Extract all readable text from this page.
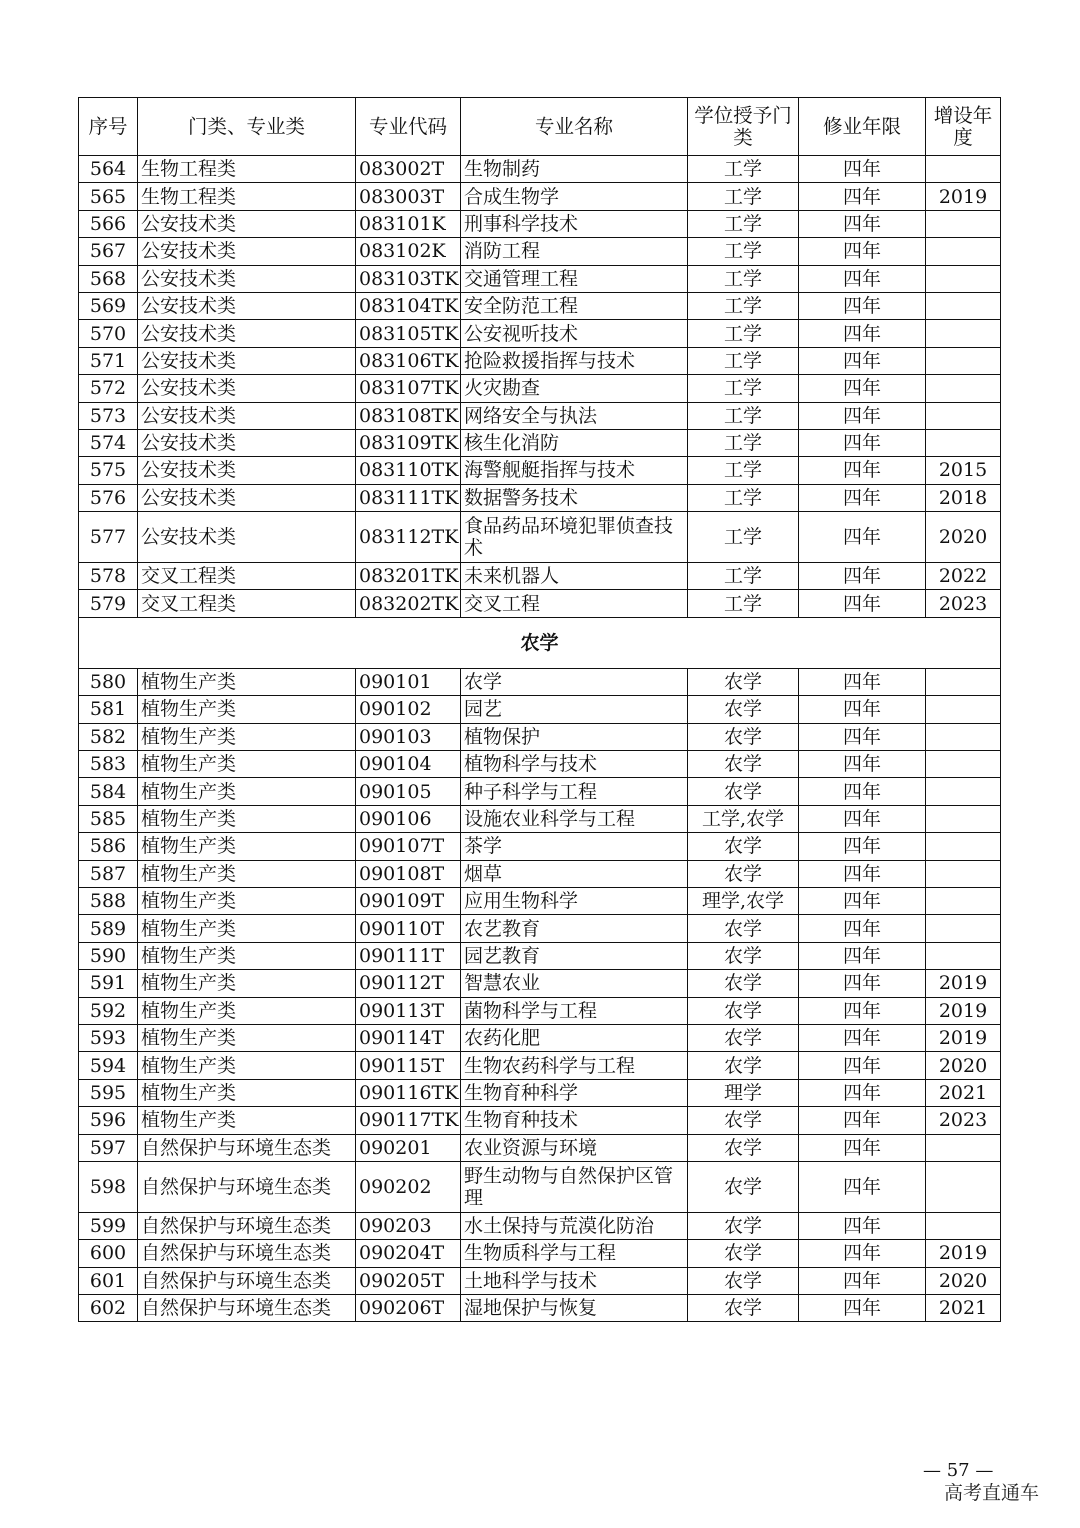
序号	门类、专业类	专业代码	专业名称	学位授予门类	修业年限	增设年度
564	生物工程类	083002T	生物制药	工学	四年	
565	生物工程类	083003T	合成生物学	工学	四年	2019
566	公安技术类	083101K	刑事科学技术	工学	四年	
567	公安技术类	083102K	消防工程	工学	四年	
568	公安技术类	083103TK	交通管理工程	工学	四年	
569	公安技术类	083104TK	安全防范工程	工学	四年	
570	公安技术类	083105TK	公安视听技术	工学	四年	
571	公安技术类	083106TK	抢险救援指挥与技术	工学	四年	
572	公安技术类	083107TK	火灾勘查	工学	四年	
573	公安技术类	083108TK	网络安全与执法	工学	四年	
574	公安技术类	083109TK	核生化消防	工学	四年	
575	公安技术类	083110TK	海警舰艇指挥与技术	工学	四年	2015
576	公安技术类	083111TK	数据警务技术	工学	四年	2018
577	公安技术类	083112TK	食品药品环境犯罪侦查技术	工学	四年	2020
578	交叉工程类	083201TK	未来机器人	工学	四年	2022
579	交叉工程类	083202TK	交叉工程	工学	四年	2023
农学						
580	植物生产类	090101	农学	农学	四年	
581	植物生产类	090102	园艺	农学	四年	
582	植物生产类	090103	植物保护	农学	四年	
583	植物生产类	090104	植物科学与技术	农学	四年	
584	植物生产类	090105	种子科学与工程	农学	四年	
585	植物生产类	090106	设施农业科学与工程	工学,农学	四年	
586	植物生产类	090107T	茶学	农学	四年	
587	植物生产类	090108T	烟草	农学	四年	
588	植物生产类	090109T	应用生物科学	理学,农学	四年	
589	植物生产类	090110T	农艺教育	农学	四年	
590	植物生产类	090111T	园艺教育	农学	四年	
591	植物生产类	090112T	智慧农业	农学	四年	2019
592	植物生产类	090113T	菌物科学与工程	农学	四年	2019
593	植物生产类	090114T	农药化肥	农学	四年	2019
594	植物生产类	090115T	生物农药科学与工程	农学	四年	2020
595	植物生产类	090116TK	生物育种科学	理学	四年	2021
596	植物生产类	090117TK	生物育种技术	农学	四年	2023
597	自然保护与环境生态类	090201	农业资源与环境	农学	四年	
598	自然保护与环境生态类	090202	野生动物与自然保护区管理	农学	四年	
599	自然保护与环境生态类	090203	水土保持与荒漠化防治	农学	四年	
600	自然保护与环境生态类	090204T	生物质科学与工程	农学	四年	2019
601	自然保护与环境生态类	090205T	土地科学与技术	农学	四年	2020
602	自然保护与环境生态类	090206T	湿地保护与恢复	农学	四年	2021
— 57 —
高考直通车
